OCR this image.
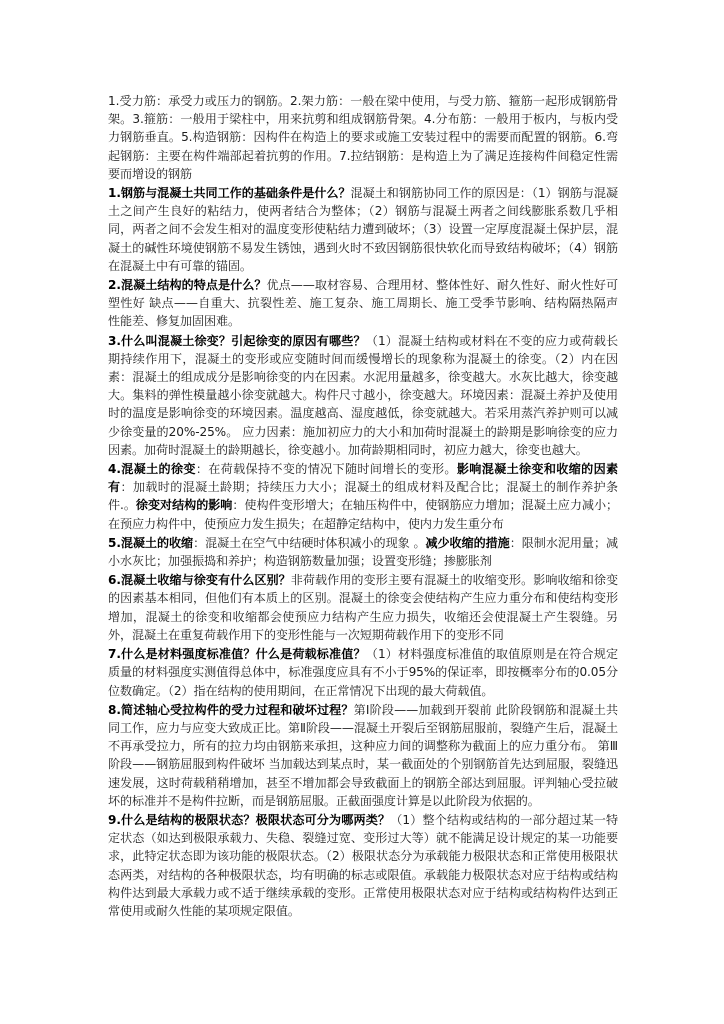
1.受力筋：承受力或压力的钢筋。2.架力筋：一般在梁中使用，与受力筋、箍筋一起形成钢筋骨架。3.箍筋：一般用于梁柱中，用来抗剪和组成钢筋骨架。4.分布筋：一般用于板内，与板内受力钢筋垂直。5.构造钢筋：因构件在构造上的要求或施工安装过程中的需要而配置的钢筋。6.弯起钢筋：主要在构件端部起着抗剪的作用。7.拉结钢筋：是构造上为了满足连接构件间稳定性需要而增设的钢筋

1.钢筋与混凝土共同工作的基础条件是什么？混凝土和钢筋协同工作的原因是：（1）钢筋与混凝土之间产生良好的粘结力，使两者结合为整体；（2）钢筋与混凝土两者之间线膨胀系数几乎相同，两者之间不会发生相对的温度变形使粘结力遭到破坏；（3）设置一定厚度混凝土保护层，混凝土的碱性环境使钢筋不易发生锈蚀，遇到火时不致因钢筋很快软化而导致结构破坏；（4）钢筋在混凝土中有可靠的锚固。

2.混凝土结构的特点是什么？优点——取材容易、合理用材、整体性好、耐久性好、耐火性好可塑性好 缺点——自重大、抗裂性差、施工复杂、施工周期长、施工受季节影响、结构隔热隔声 性能差、修复加固困难。

3.什么叫混凝土徐变？引起徐变的原因有哪些？（1）混凝土结构或材料在不变的应力或荷载长期持续作用下，混凝土的变形或应变随时间而缓慢增长的现象称为混凝土的徐变。（2）内在因素：混凝土的组成成分是影响徐变的内在因素。水泥用量越多，徐变越大。水灰比越大，徐变越大。集料的弹性模量越小徐变就越大。构件尺寸越小，徐变越大。环境因素：混凝土养护及使用时的温度是影响徐变的环境因素。温度越高、湿度越低，徐变就越大。若采用蒸汽养护则可以减少徐变量的20%-25%。 应力因素：施加初应力的大小和加荷时混凝土的龄期是影响徐变的应力因素。加荷时混凝土的龄期越长，徐变越小。加荷龄期相同时，初应力越大，徐变也越大。

4.混凝土的徐变：在荷载保持不变的情况下随时间增长的变形。影响混凝土徐变和收缩的因素有：加载时的混凝土龄期；持续压力大小；混凝土的组成材料及配合比；混凝土的制作养护条件.。徐变对结构的影响：使构件变形增大；在轴压构件中，使钢筋应力增加；混凝土应力减小；在预应力构件中，使预应力发生损失；在超静定结构中，使内力发生重分布

5.混凝土的收缩：混凝土在空气中结硬时体积减小的现象 。减少收缩的措施：限制水泥用量；减小水灰比；加强振捣和养护；构造钢筋数量加强；设置变形缝；掺膨胀剂

6.混凝土收缩与徐变有什么区别？非荷载作用的变形主要有混凝土的收缩变形。影响收缩和徐变的因素基本相同，但他们有本质上的区别。混凝土的徐变会使结构产生应力重分布和使结构变形增加，混凝土的徐变和收缩都会使预应力结构产生应力损失，收缩还会使混凝土产生裂缝。另外，混凝土在重复荷载作用下的变形性能与一次短期荷载作用下的变形不同

7.什么是材料强度标准值？什么是荷载标准值？（1）材料强度标准值的取值原则是在符合规定质量的材料强度实测值得总体中，标准强度应具有不小于95%的保证率，即按概率分布的0.05分位数确定。（2）指在结构的使用期间，在正常情况下出现的最大荷载值。

8.简述轴心受拉构件的受力过程和破坏过程？第Ⅰ阶段——加载到开裂前 此阶段钢筋和混凝土共同工作，应力与应变大致成正比。第Ⅱ阶段——混凝土开裂后至钢筋屈服前，裂缝产生后，混凝土不再承受拉力，所有的拉力均由钢筋来承担，这种应力间的调整称为截面上的应力重分布。 第Ⅲ阶段——钢筋屈服到构件破坏 当加载达到某点时，某一截面处的个别钢筋首先达到屈服，裂缝迅速发展，这时荷载稍稍增加，甚至不增加都会导致截面上的钢筋全部达到屈服。评判轴心受拉破坏的标准并不是构件拉断，而是钢筋屈服。正截面强度计算是以此阶段为依据的。

9.什么是结构的极限状态？极限状态可分为哪两类？（1）整个结构或结构的一部分超过某一特定状态（如达到极限承载力、失稳、裂缝过宽、变形过大等）就不能满足设计规定的某一功能要求，此特定状态即为该功能的极限状态。（2）极限状态分为承载能力极限状态和正常使用极限状态两类，对结构的各种极限状态，均有明确的标志或限值。承载能力极限状态对应于结构或结构构件达到最大承载力或不适于继续承载的变形。正常使用极限状态对应于结构或结构构件达到正常使用或耐久性能的某项规定限值。
